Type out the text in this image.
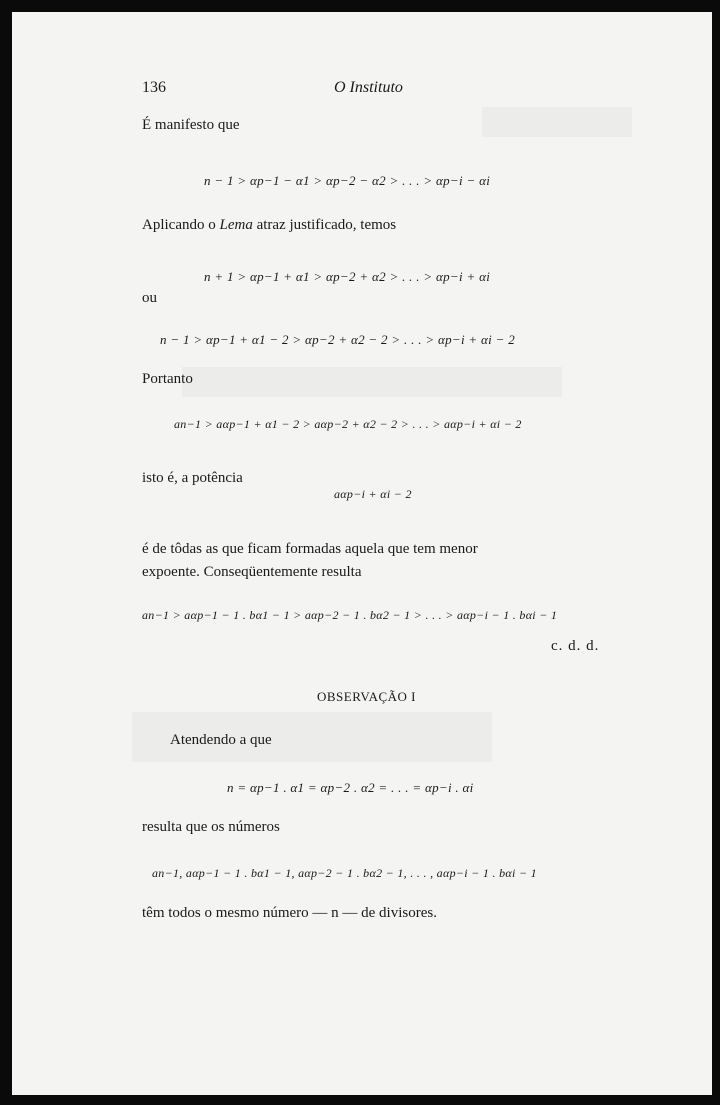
136	O Instituto
É manifesto que
n − 1 > αp−1 − α1 > αp−2 − α2 > . . . > αp−i − αi
Aplicando o Lema atraz justificado, temos
n + 1 > αp−1 + α1 > αp−2 + α2 > . . . > αp−i + αi
ou
n − 1 > αp−1 + α1 − 2 > αp−2 + α2 − 2 > . . . > αp−i + αi − 2
Portanto
an−1 > aαp−1 + α1 − 2 > aαp−2 + α2 − 2 > . . . > aαp−i + αi − 2
isto é, a potência
aαp−i + αi − 2
é de tôdas as que ficam formadas aquela que tem menor
expoente. Conseqüentemente resulta
an−1 > aαp−1 − 1 . bα1 − 1 > aαp−2 − 1 . bα2 − 1 > . . . > aαp−i − 1 . bαi − 1
c. d. d.
OBSERVAÇÃO I
Atendendo a que
n = αp−1 . α1 = αp−2 . α2 = . . . = αp−i . αi
resulta que os números
an−1, aαp−1 − 1 . bα1 − 1, aαp−2 − 1 . bα2 − 1, . . . , aαp−i − 1 . bαi − 1
têm todos o mesmo número — n — de divisores.
